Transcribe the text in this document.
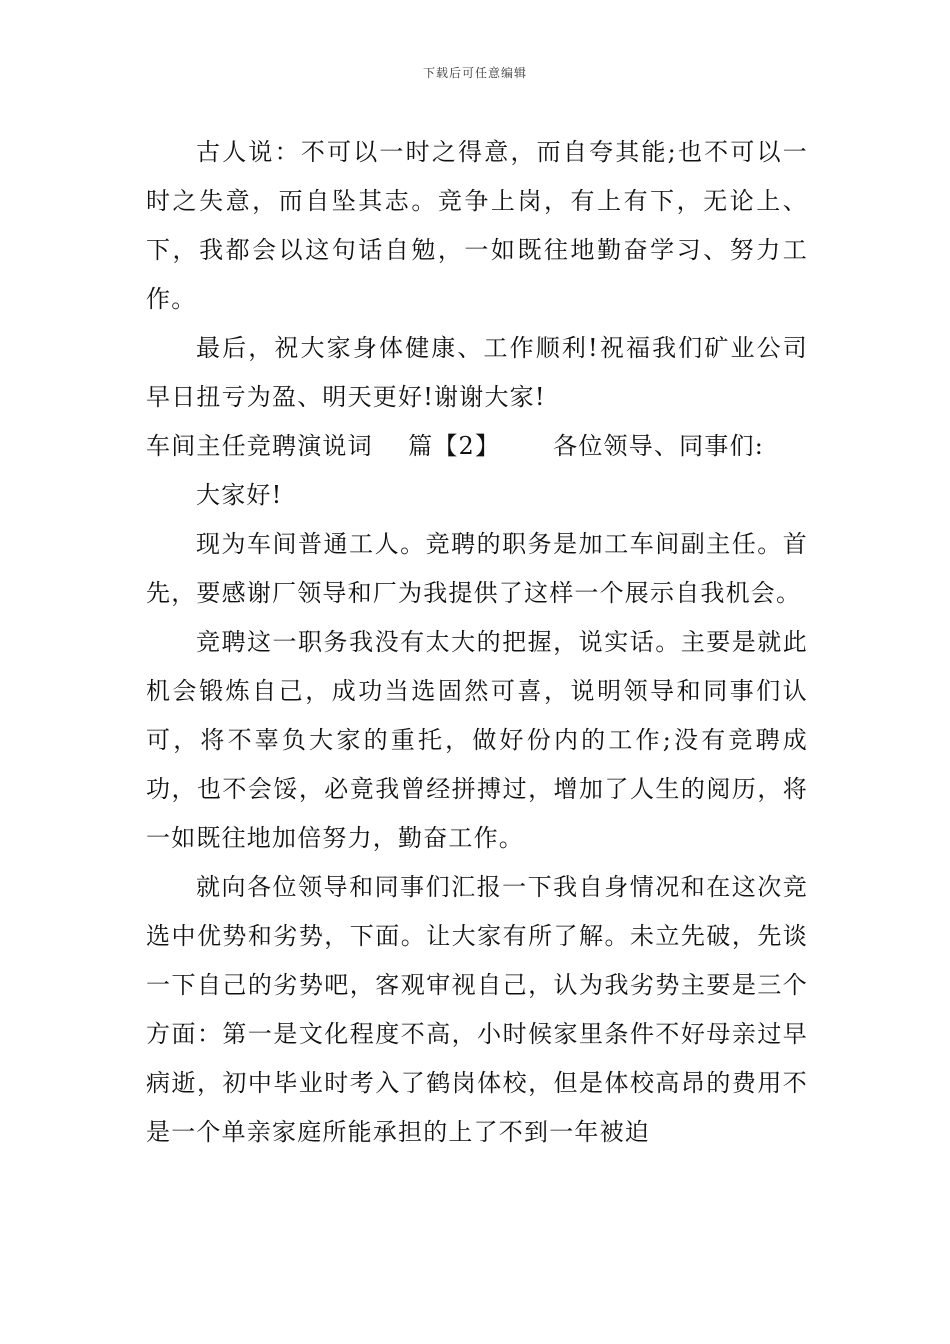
下载后可任意编辑

古人说：不可以一时之得意，而自夸其能;也不可以一时之失意，而自坠其志。竞争上岗，有上有下，无论上、下，我都会以这句话自勉，一如既往地勤奋学习、努力工作。

最后，祝大家身体健康、工作顺利!祝福我们矿业公司早日扭亏为盈、明天更好!谢谢大家!

车间主任竞聘演说词    篇【2】      各位领导、同事们:

大家好!

现为车间普通工人。竞聘的职务是加工车间副主任。首先，要感谢厂领导和厂为我提供了这样一个展示自我机会。

竞聘这一职务我没有太大的把握，说实话。主要是就此机会锻炼自己，成功当选固然可喜，说明领导和同事们认可，将不辜负大家的重托，做好份内的工作;没有竞聘成功，也不会馁，必竟我曾经拼搏过，增加了人生的阅历，将一如既往地加倍努力，勤奋工作。

就向各位领导和同事们汇报一下我自身情况和在这次竞选中优势和劣势，下面。让大家有所了解。未立先破，先谈一下自己的劣势吧，客观审视自己，认为我劣势主要是三个方面：第一是文化程度不高，小时候家里条件不好母亲过早病逝，初中毕业时考入了鹤岗体校，但是体校高昂的费用不是一个单亲家庭所能承担的上了不到一年被迫
